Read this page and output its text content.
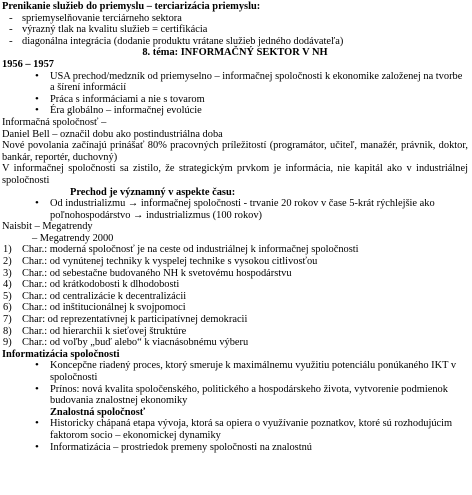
Prenikanie služieb do priemyslu – terciarizácia priemyslu:
- spriemyselňovanie terciárneho sektora
- výrazný tlak na kvalitu služieb = certifikácia
- diagonálna integrácia (dodanie produktu vrátane služieb jedného dodávateľa)
8. téma: INFORMAČNÝ SEKTOR V NH
1956 – 1957
• USA prechod/medzník od priemyselno – informačnej spoločnosti k ekonomike založenej na tvorbe a šírení informácií
• Práca s informáciami a nie s tovarom
• Éra globálno – informačnej evolúcie
Informačná spoločnosť –
Daniel Bell – označil dobu ako postindustriálna doba
Nové povolania začínajú prinášať 80% pracovných príležitostí (programátor, učiteľ, manažér, právnik, doktor, bankár, reportér, duchovný)
V informačnej spoločnosti sa zistilo, že strategickým prvkom je informácia, nie kapitál ako v industriálnej spoločnosti
Prechod je významný v aspekte času:
• Od industrializmu → informačnej spoločnosti - trvanie 20 rokov v čase 5-krát rýchlejšie ako poľnohospodárstvo → industrializmus (100 rokov)
Naisbit – Megatrendy
– Megatrendy 2000
1) Char.: moderná spoločnosť je na ceste od industriálnej k informačnej spoločnosti
2) Char.: od vynútenej techniky k vyspelej technike s vysokou citlivosťou
3) Char.: od sebestačne budovaného NH k svetovému hospodárstvu
4) Char.: od krátkodobosti k dlhodobosti
5) Char.: od centralizácie k decentralizácii
6) Char.: od inštitucionálnej k svojpomoci
7) Char: od reprezentatívnej k participatívnej demokracii
8) Char.: od hierarchii k sieťovej štruktúre
9) Char.: od voľby „buď alebo“ k viacnásobnému výberu
Informatizácia spoločnosti
• Koncepčne riadený proces, ktorý smeruje k maximálnemu využitiu potenciálu ponúkaného IKT v spoločnosti
• Prínos: nová kvalita spoločenského, politického a hospodárskeho života, vytvorenie podmienok budovania znalostnej ekonomiky
Znalostná spoločnosť
• Historicky chápaná etapa vývoja, ktorá sa opiera o využívanie poznatkov, ktoré sú rozhodujúcim faktorom socio – ekonomickej dynamiky
• Informatizácia – prostriedok premeny spoločnosti na znalostnú
